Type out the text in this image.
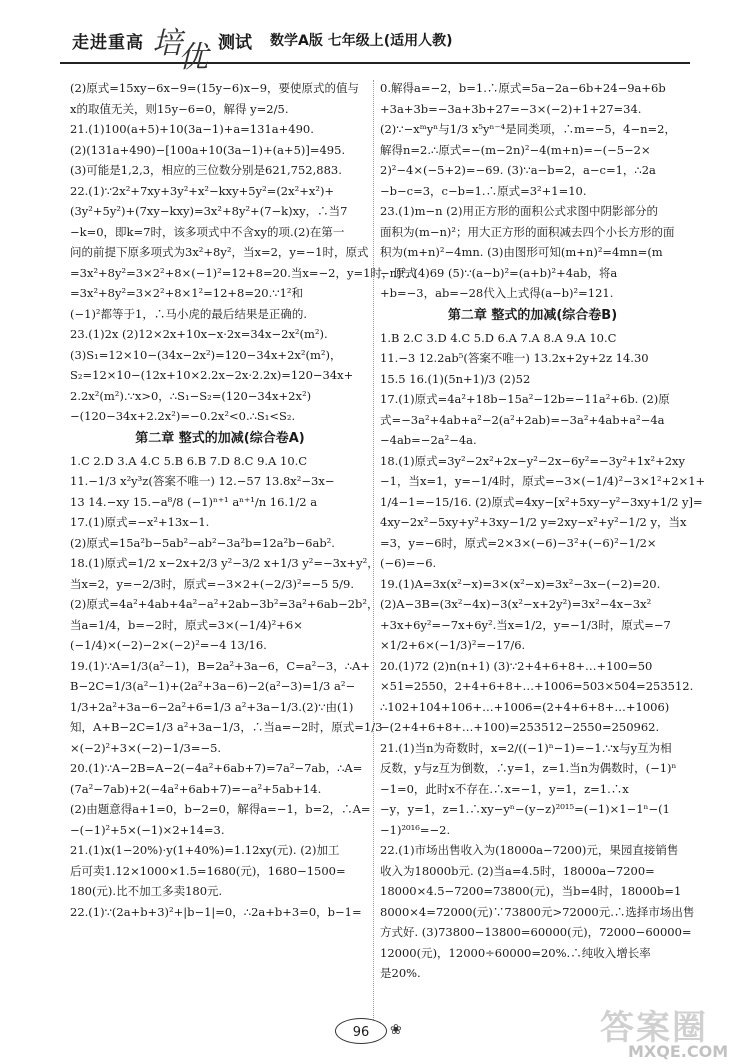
走进重高 培
优 测试 数学A版 七年级上(适用人教)
(2)原式=15xy−6x−9=(15y−6)x−9，要使原式的值与
x的取值无关，则15y−6=0，解得 y=2/5.
21.(1)100(a+5)+10(3a−1)+a=131a+490.
(2)(131a+490)−[100a+10(3a−1)+(a+5)]=495.
(3)可能是1,2,3，相应的三位数分别是621,752,883.
22.(1)∵2x²+7xy+3y²+x²−kxy+5y²=(2x²+x²)+
(3y²+5y²)+(7xy−kxy)=3x²+8y²+(7−k)xy，∴当7
−k=0，即k=7时，该多项式中不含xy的项.(2)在第一
问的前提下原多项式为3x²+8y²，当x=2，y=−1时，原式
=3x²+8y²=3×2²+8×(−1)²=12+8=20.当x=−2，y=1时，原式
=3x²+8y²=3×2²+8×1²=12+8=20.∵1²和
(−1)²都等于1，∴马小虎的最后结果是正确的.
23.(1)2x (2)12×2x+10x−x·2x=34x−2x²(m²).
(3)S₁=12×10−(34x−2x²)=120−34x+2x²(m²)，
S₂=12×10−(12x+10×2.2x−2x·2.2x)=120−34x+
2.2x²(m²).∵x>0，∴S₁−S₂=(120−34x+2x²)
−(120−34x+2.2x²)=−0.2x²<0.∴S₁<S₂.
第二章 整式的加减(综合卷A)
1.C 2.D 3.A 4.C 5.B 6.B 7.D 8.C 9.A 10.C
11.−1/3 x²y³z(答案不唯一) 12.−57 13.8x²−3x−
13 14.−xy 15.−a⁸/8 (−1)ⁿ⁺¹ aⁿ⁺¹/n 16.1/2 a
17.(1)原式=−x²+13x−1.
(2)原式=15a²b−5ab²−ab²−3a²b=12a²b−6ab².
18.(1)原式=1/2 x−2x+2/3 y²−3/2 x+1/3 y²=−3x+y²，
当x=2，y=−2/3时，原式=−3×2+(−2/3)²=−5 5/9.
(2)原式=4a²+4ab+4a²−a²+2ab−3b²=3a²+6ab−2b²，
当a=1/4，b=−2时，原式=3×(−1/4)²+6×
(−1/4)×(−2)−2×(−2)²=−4 13/16.
19.(1)∵A=1/3(a²−1)，B=2a²+3a−6，C=a²−3，∴A+
B−2C=1/3(a²−1)+(2a²+3a−6)−2(a²−3)=1/3 a²−
1/3+2a²+3a−6−2a²+6=1/3 a²+3a−1/3.(2)∵由(1)
知，A+B−2C=1/3 a²+3a−1/3，∴当a=−2时，原式=1/3
×(−2)²+3×(−2)−1/3=−5.
20.(1)∵A−2B=A−2(−4a²+6ab+7)=7a²−7ab，∴A=
(7a²−7ab)+2(−4a²+6ab+7)=−a²+5ab+14.
(2)由题意得a+1=0，b−2=0，解得a=−1，b=2，∴A=
−(−1)²+5×(−1)×2+14=3.
21.(1)x(1−20%)·y(1+40%)=1.12xy(元). (2)加工
后可卖1.12×1000×1.5=1680(元)，1680−1500=
180(元).比不加工多卖180元.
22.(1)∵(2a+b+3)²+|b−1|=0，∴2a+b+3=0，b−1=
0.解得a=−2，b=1.∴原式=5a−2a−6b+24−9a+6b
+3a+3b=−3a+3b+27=−3×(−2)+1+27=34.
(2)∵−xᵐyⁿ与1/3 x⁵yⁿ⁻⁴是同类项，∴m=−5，4−n=2，
解得n=2.∴原式=−(m−2n)²−4(m+n)=−(−5−2×
2)²−4×(−5+2)=−69. (3)∵a−b=2，a−c=1，∴2a
−b−c=3，c−b=1.∴原式=3²+1=10.
23.(1)m−n (2)用正方形的面积公式求图中阴影部分的
面积为(m−n)²；用大正方形的面积减去四个小长方形的面
积为(m+n)²−4mn. (3)由图形可知(m+n)²=4mn=(m
−n)². (4)69 (5)∵(a−b)²=(a+b)²+4ab，将a
+b=−3，ab=−28代入上式得(a−b)²=121.
第二章 整式的加减(综合卷B)
1.B 2.C 3.D 4.C 5.D 6.A 7.A 8.A 9.A 10.C
11.−3 12.2ab⁵(答案不唯一) 13.2x+2y+2z 14.30
15.5 16.(1)(5n+1)/3 (2)52
17.(1)原式=4a²+18b−15a²−12b=−11a²+6b. (2)原
式=−3a²+4ab+a²−2(a²+2ab)=−3a²+4ab+a²−4a
−4ab=−2a²−4a.
18.(1)原式=3y²−2x²+2x−y²−2x−6y²=−3y²+1x²+2xy
−1，当x=1，y=−1/4时，原式=−3×(−1/4)²−3×1²+2×1+
1/4−1=−15/16. (2)原式=4xy−[x²+5xy−y²−3xy+1/2 y]=
4xy−2x²−5xy+y²+3xy−1/2 y=2xy−x²+y²−1/2 y，当x
=3，y=−6时，原式=2×3×(−6)−3²+(−6)²−1/2×
(−6)=−6.
19.(1)A=3x(x²−x)=3×(x²−x)=3x²−3x−(−2)=20.
(2)A−3B=(3x²−4x)−3(x²−x+2y²)=3x²−4x−3x²
+3x+6y²=−7x+6y².当x=1/2，y=−1/3时，原式=−7
×1/2+6×(−1/3)²=−17/6.
20.(1)72 (2)n(n+1) (3)∵2+4+6+8+…+100=50
×51=2550，2+4+6+8+…+1006=503×504=253512.
∴102+104+106+…+1006=(2+4+6+8+…+1006)
−(2+4+6+8+…+100)=253512−2550=250962.
21.(1)当n为奇数时，x=2/((−1)ⁿ−1)=−1.∵x与y互为相
反数，y与z互为倒数，∴y=1，z=1.当n为偶数时，(−1)ⁿ
−1=0，此时x不存在.∴x=−1，y=1，z=1.∴x
−y，y=1，z=1.∴xy−yⁿ−(y−z)²⁰¹⁵=(−1)×1−1ⁿ−(1
−1)²⁰¹⁶=−2.
22.(1)市场出售收入为(18000a−7200)元，果园直接销售
收入为18000b元. (2)当a=4.5时，18000a−7200=
18000×4.5−7200=73800(元)，当b=4时，18000b=1
8000×4=72000(元)∵73800元>72000元.∴选择市场出售
方式好. (3)73800−13800=60000(元)，72000−60000=
12000(元)，12000÷60000=20%.∴纯收入增长率
是20%.
96	❀	答案圈
MXQE.COM
